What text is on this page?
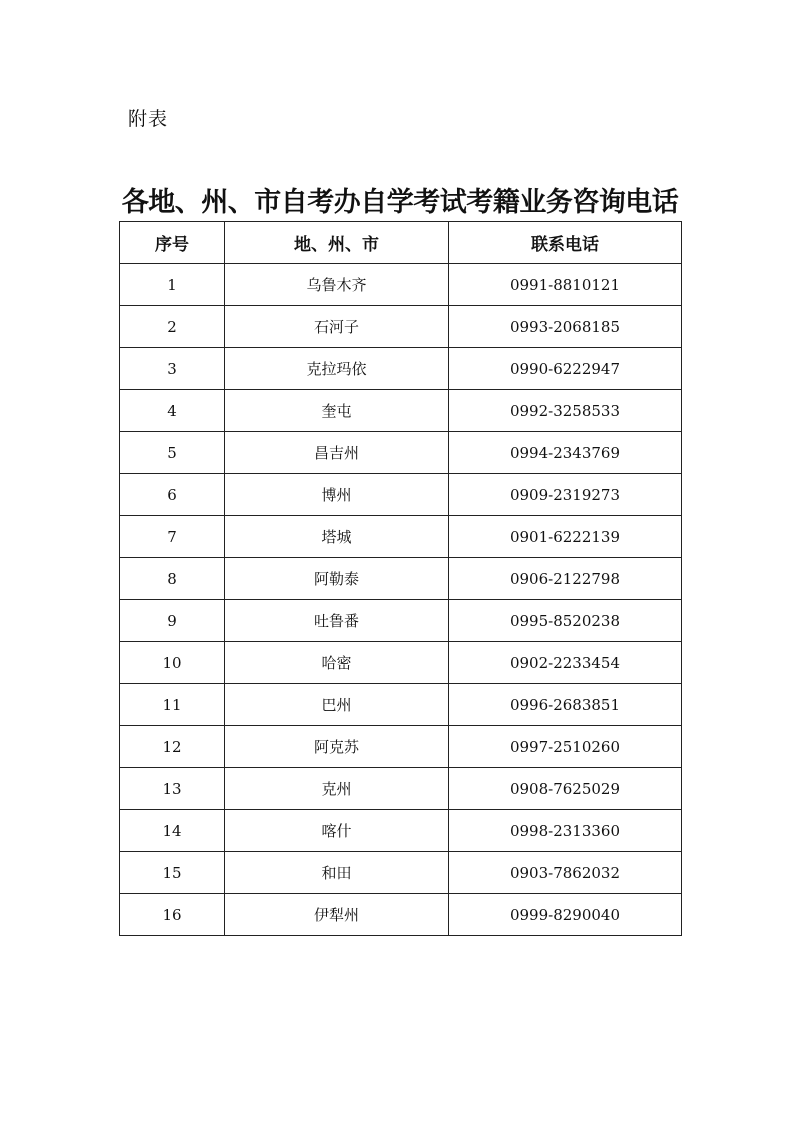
附表
各地、州、市自考办自学考试考籍业务咨询电话
序号	地、州、市	联系电话
1	乌鲁木齐	0991-8810121
2	石河子	0993-2068185
3	克拉玛依	0990-6222947
4	奎屯	0992-3258533
5	昌吉州	0994-2343769
6	博州	0909-2319273
7	塔城	0901-6222139
8	阿勒泰	0906-2122798
9	吐鲁番	0995-8520238
10	哈密	0902-2233454
11	巴州	0996-2683851
12	阿克苏	0997-2510260
13	克州	0908-7625029
14	喀什	0998-2313360
15	和田	0903-7862032
16	伊犁州	0999-8290040
